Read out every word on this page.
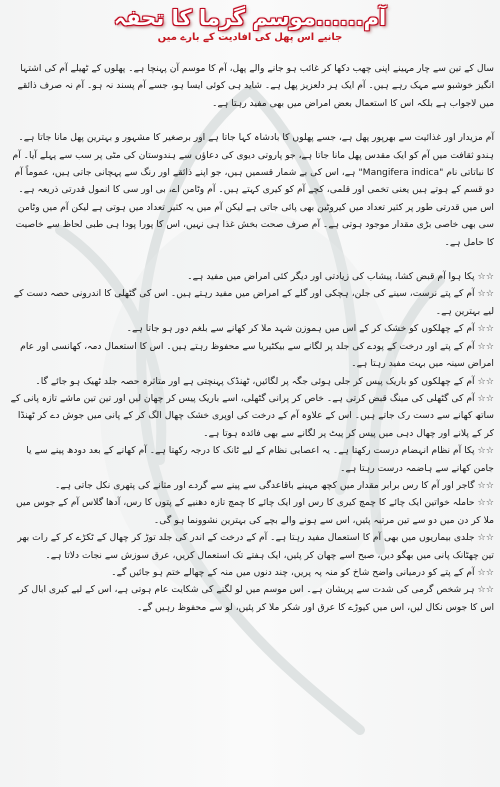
آم......موسم گرما کا تحفہ
جانیے اس پھل کی افادیت کے بارے میں

سال کے تین سے چار مہینے اپنی چھب دکھا کر غائب ہو جانے والے پھل، آم کا موسم آن پہنچا ہے۔ پھلوں کے ٹھیلے آم کی اشتہا انگیز خوشبو سے مہک رہے ہیں۔ آم ایک ہر دلعزیز پھل ہے۔ شاید ہی کوئی ایسا ہو، جسے آم پسند نہ ہو۔ آم نہ صرف ذائقے میں لاجواب ہے بلکہ اس کا استعمال بعض امراض میں بھی مفید رہتا ہے۔

آم مزیدار اور غذائیت سے بھرپور پھل ہے، جسے پھلوں کا بادشاہ کہا جاتا ہے اور برصغیر کا مشہور و بہترین پھل مانا جاتا ہے۔ ہندو ثقافت میں آم کو ایک مقدس پھل مانا جاتا ہے، جو پاروتی دیوی کی دعاؤں سے ہندوستان کی مٹی پر سب سے پہلے آیا۔ آم کا نباتاتی نام "Mangifera indica" ہے، اس کی بے شمار قسمیں ہیں، جو اپنے ذائقے اور رنگ سے پہچانی جاتی ہیں، عموماً آم دو قسم کے ہوتے ہیں یعنی تخمی اور قلمی، کچے آم کو کیری کہتے ہیں۔ آم وٹامن اے، بی اور سی کا انمول قدرتی ذریعہ ہے۔ اس میں قدرتی طور پر کثیر تعداد میں کیروٹین بھی پائی جاتی ہے لیکن آم میں یہ کثیر تعداد میں ہوتی ہے لیکن آم میں وٹامن سی بھی خاصی بڑی مقدار موجود ہوتی ہے۔ آم صرف صحت بخش غذا ہی نہیں، اس کا پورا پودا ہی طبی لحاظ سے خاصیت کا حامل ہے۔

☆☆ پکا ہوا آم قبض کشا، پیشاب کی زیادتی اور دیگر کئی امراض میں مفید ہے۔

☆☆ آم کے پتے نرست، سینے کی جلن، ہچکی اور گلے کے امراض میں مفید رہتے ہیں۔ اس کی گٹھلی کا اندرونی حصہ دست کے لیے بہترین ہے۔

☆☆ آم کے چھلکوں کو خشک کر کے اس میں ہموزن شہد ملا کر کھانے سے بلغم دور ہو جاتا ہے۔

☆☆ آم کے پتے اور درخت کے پودے کی جلد پر لگانے سے بیکٹیریا سے محفوظ رہتے ہیں۔ اس کا استعمال دمہ، کھانسی اور عام امراض سینہ میں بہت مفید رہتا ہے۔

☆☆ آم کے چھلکوں کو باریک پیس کر جلی ہوئی جگہ پر لگائیں، ٹھنڈک پہنچتی ہے اور متاثرہ حصہ جلد ٹھیک ہو جائے گا۔

☆☆ آم کی گٹھلی کی مینگ قبض کرتی ہے۔ خاص کر پرانی گٹھلی، اسے باریک پیس کر چھان لیں اور تین تین ماشے تازہ پانی کے ساتھ کھانے سے دست رک جاتے ہیں۔ اس کے علاوہ آم کے درخت کی اوپری خشک چھال الگ کر کے پانی میں جوش دے کر ٹھنڈا کر کے پلانے اور چھال دہی میں پیس کر پیٹ پر لگانے سے بھی فائدہ ہوتا ہے۔

☆☆ پکا آم نظام انہضام درست رکھتا ہے۔ یہ اعصابی نظام کے لیے ٹانک کا درجہ رکھتا ہے۔ آم کھانے کے بعد دودھ پینے سے یا جامن کھانے سے ہاضمہ درست رہتا ہے۔

☆☆ گاجر اور آم کا رس برابر مقدار میں کچھ مہینے باقاعدگی سے پینے سے گردے اور مثانے کی پتھری نکل جاتی ہے۔

☆☆ حاملہ خواتین ایک چائے کا چمچ کیری کا رس اور ایک چائے کا چمچ تازہ دھنیے کے پتوں کا رس، آدھا گلاس آم کے جوس میں ملا کر دن میں دو سے تین مرتبہ پئیں، اس سے ہونے والے بچے کی بہترین نشوونما ہو گی۔

☆☆ جلدی بیماریوں میں بھی آم کا استعمال مفید رہتا ہے۔ آم کے درخت کے اندر کی جلد توڑ کر چھال کے ٹکڑے کر کے رات بھر تین چھٹانک پانی میں بھگو دیں، صبح اسے چھان کر پئیں، ایک ہفتے تک استعمال کریں، عرق سوزش سے نجات دلاتا ہے۔

☆☆ آم کے پتے کو درمیانی واضح شاخ کو منہ پہ پریں، چند دنوں میں منہ کے چھالے ختم ہو جائیں گے۔

☆☆ ہر شخص گرمی کی شدت سے پریشان ہے۔ اس موسم میں لو لگنے کی شکایت عام ہوتی ہے، اس کے لیے کیری ابال کر اس کا جوس نکال لیں، اس میں کیوڑے کا عرق اور شکر ملا کر پئیں، لو سے محفوظ رہیں گے۔
